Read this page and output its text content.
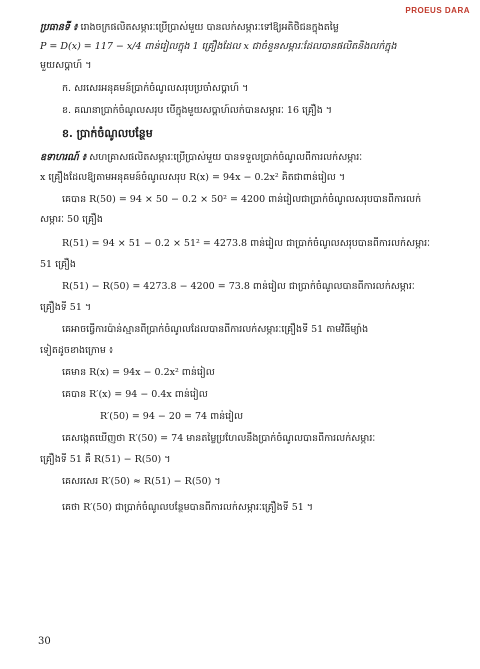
PROEUS DARA
ប្រធានទី ៖ រោងចក្រផលិតសម្ភារៈប្រើប្រាស់មួយ បានលក់សម្ភារៈទៅឱ្យអតិថិជនក្នុងតម្លៃ
P = D(x) = 117 − x/4 ពាន់រៀលក្នុង 1 គ្រឿងដែល x ជាចំនួនសម្ភារៈដែលបានផលិតនិងលក់ក្នុង
មួយសប្តាហ៍ ។
ក. សរសេរអនុគមន៍ប្រាក់ចំណូលសរុបប្រចាំសប្តាហ៍ ។
ខ. គណនាប្រាក់ចំណូលសរុប បើក្នុងមួយសប្តាហ៍លក់បានសម្ភារៈ 16 គ្រឿង ។
ខ. ប្រាក់ចំណូលបន្ថែម
ឧទាហរណ៍ ៖ សហគ្រាសផលិតសម្ភារៈប្រើប្រាស់មួយ បានទទួលប្រាក់ចំណូលពីការលក់សម្ភារៈ
x គ្រឿងដែលឱ្យតាមអនុគមន៍ចំណូលសរុប R(x) = 94x − 0.2x² គិតជាពាន់រៀល ។
គេបាន R(50) = 94 × 50 − 0.2 × 50² = 4200 ពាន់រៀលជាប្រាក់ចំណូលសរុបបានពីការលក់
សម្ភារៈ 50 គ្រឿង
R(51) = 94 × 51 − 0.2 × 51² = 4273.8 ពាន់រៀល ជាប្រាក់ចំណូលសរុបបានពីការលក់សម្ភារៈ
51 គ្រឿង
R(51) − R(50) = 4273.8 − 4200 = 73.8 ពាន់រៀល ជាប្រាក់ចំណូលបានពីការលក់សម្ភារៈ
គ្រឿងទី 51 ។
គេអាចធ្វើការប៉ាន់ស្មានពីប្រាក់ចំណូលដែលបានពីការលក់សម្ភារៈគ្រឿងទី 51 តាមវិធីម្យ៉ាង
ទៀតដូចខាងក្រោម ៖
គេមាន R(x) = 94x − 0.2x² ពាន់រៀល
គេបាន R′(x) = 94 − 0.4x ពាន់រៀល
R′(50) = 94 − 20 = 74 ពាន់រៀល
គេសង្កេតឃើញថា R′(50) = 74 មានតម្លៃប្រហែលនឹងប្រាក់ចំណូលបានពីការលក់សម្ភារៈ
គ្រឿងទី 51 គឺ R(51) − R(50) ។
គេសរសេរ R′(50) ≈ R(51) − R(50) ។
គេថា R′(50) ជាប្រាក់ចំណូលបន្ថែមបានពីការលក់សម្ភារៈគ្រឿងទី 51 ។
30
